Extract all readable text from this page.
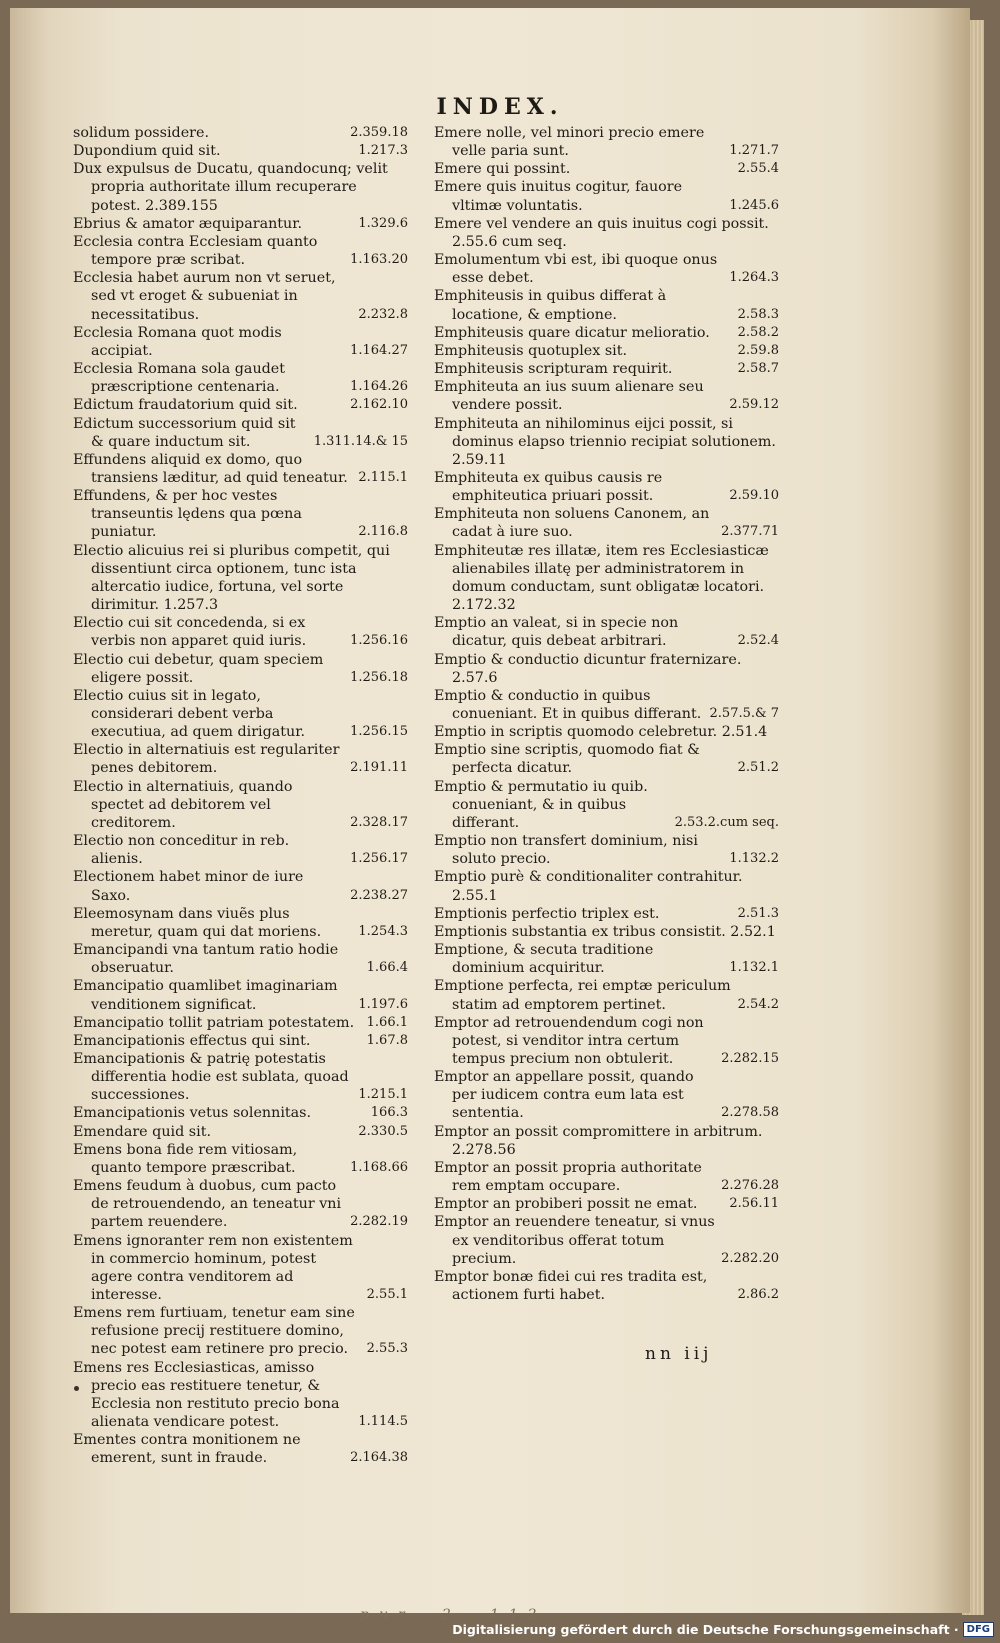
INDEX.
solidum possidere.	2.359.18
Dupondium quid sit.	1.217.3
Dux expulsus de Ducatu, quandocunq; velit propria authoritate illum recuperare potest. 2.389.155
Ebrius & amator æquiparantur.	1.329.6
Ecclesia contra Ecclesiam quanto tempore præ scribat.	1.163.20
Ecclesia habet aurum non vt seruet, sed vt eroget & subueniat in necessitatibus.	2.232.8
Ecclesia Romana quot modis accipiat.	1.164.27
Ecclesia Romana sola gaudet præscriptione centenaria.	1.164.26
Edictum fraudatorium quid sit.	2.162.10
Edictum successorium quid sit & quare inductum sit.	1.311.14.& 15
Effundens aliquid ex domo, quo transiens læditur, ad quid teneatur. 2.115.1
Effundens, & per hoc vestes transeuntis lędens qua pœna puniatur.	2.116.8
Electio alicuius rei si pluribus competit, qui dissentiunt circa optionem, tunc ista altercatio iudice, fortuna, vel sorte dirimitur. 1.257.3
Electio cui sit concedenda, si ex verbis non apparet quid iuris.	1.256.16
Electio cui debetur, quam speciem eligere possit.	1.256.18
Electio cuius sit in legato, considerari debent verba executiua, ad quem dirigatur.	1.256.15
Electio in alternatiuis est regulariter penes debitorem.	2.191.11
Electio in alternatiuis, quando spectet ad debitorem vel creditorem.	2.328.17
Electio non conceditur in reb. alienis.	1.256.17
Electionem habet minor de iure Saxo.	2.238.27
Eleemosynam dans viuẽs plus meretur, quam qui dat moriens.	1.254.3
Emancipandi vna tantum ratio hodie obseruatur.	1.66.4
Emancipatio quamlibet imaginariam venditionem significat.	1.197.6
Emancipatio tollit patriam potestatem. 1.66.1
Emancipationis effectus qui sint.	1.67.8
Emancipationis & patrię potestatis differentia hodie est sublata, quoad successiones.	1.215.1
Emancipationis vetus solennitas.	166.3
Emendare quid sit.	2.330.5
Emens bona fide rem vitiosam, quanto tempore præscribat.	1.168.66
Emens feudum à duobus, cum pacto de retrouendendo, an teneatur vni partem reuendere.	2.282.19
Emens ignoranter rem non existentem in commercio hominum, potest agere contra venditorem ad interesse.	2.55.1
Emens rem furtiuam, tenetur eam sine refusione precij restituere domino, nec potest eam retinere pro precio.	2.55.3
Emens res Ecclesiasticas, amisso precio eas restituere tenetur, & Ecclesia non restituto precio bona alienata vendicare potest.	1.114.5
Ementes contra monitionem ne emerent, sunt in fraude.	2.164.38
Emere nolle, vel minori precio emere velle paria sunt.	1.271.7
Emere qui possint.	2.55.4
Emere quis inuitus cogitur, fauore vltimæ voluntatis.	1.245.6
Emere vel vendere an quis inuitus cogi possit. 2.55.6 cum seq.
Emolumentum vbi est, ibi quoque onus esse debet.	1.264.3
Emphiteusis in quibus differat à locatione, & emptione.	2.58.3
Emphiteusis quare dicatur melioratio.	2.58.2
Emphiteusis quotuplex sit.	2.59.8
Emphiteusis scripturam requirit.	2.58.7
Emphiteuta an ius suum alienare seu vendere possit.	2.59.12
Emphiteuta an nihilominus eijci possit, si dominus elapso triennio recipiat solutionem. 2.59.11
Emphiteuta ex quibus causis re emphiteutica priuari possit.	2.59.10
Emphiteuta non soluens Canonem, an cadat à iure suo.	2.377.71
Emphiteutæ res illatæ, item res Ecclesiasticæ alienabiles illatę per administratorem in domum conductam, sunt obligatæ locatori. 2.172.32
Emptio an valeat, si in specie non dicatur, quis debeat arbitrari.	2.52.4
Emptio & conductio dicuntur fraternizare. 2.57.6
Emptio & conductio in quibus conueniant. Et in quibus differant. 2.57.5.& 7
Emptio in scriptis quomodo celebretur. 2.51.4
Emptio sine scriptis, quomodo fiat & perfecta dicatur.	2.51.2
Emptio & permutatio iu quib. conueniant, & in quibus differant.	2.53.2.cum seq.
Emptio non transfert dominium, nisi soluto precio.	1.132.2
Emptio purè & conditionaliter contrahitur. 2.55.1
Emptionis perfectio triplex est.	2.51.3
Emptionis substantia ex tribus consistit. 2.52.1
Emptione, & secuta traditione dominium acquiritur.	1.132.1
Emptione perfecta, rei emptæ periculum statim ad emptorem pertinet.	2.54.2
Emptor ad retrouendendum cogi non potest, si venditor intra certum tempus precium non obtulerit.	2.282.15
Emptor an appellare possit, quando per iudicem contra eum lata est sententia.	2.278.58
Emptor an possit compromittere in arbitrum. 2.278.56
Emptor an possit propria authoritate rem emptam occupare.	2.276.28
Emptor an probiberi possit ne emat.	2.56.11
Emptor an reuendere teneatur, si vnus ex venditoribus offerat totum precium.	2.282.20
Emptor bonæ fidei cui res tradita est, actionem furti habet.	2.86.2
nn iij
pur. 2. 112.
Digitalisierung gefördert durch die Deutsche Forschungsgemeinschaft · DFG
